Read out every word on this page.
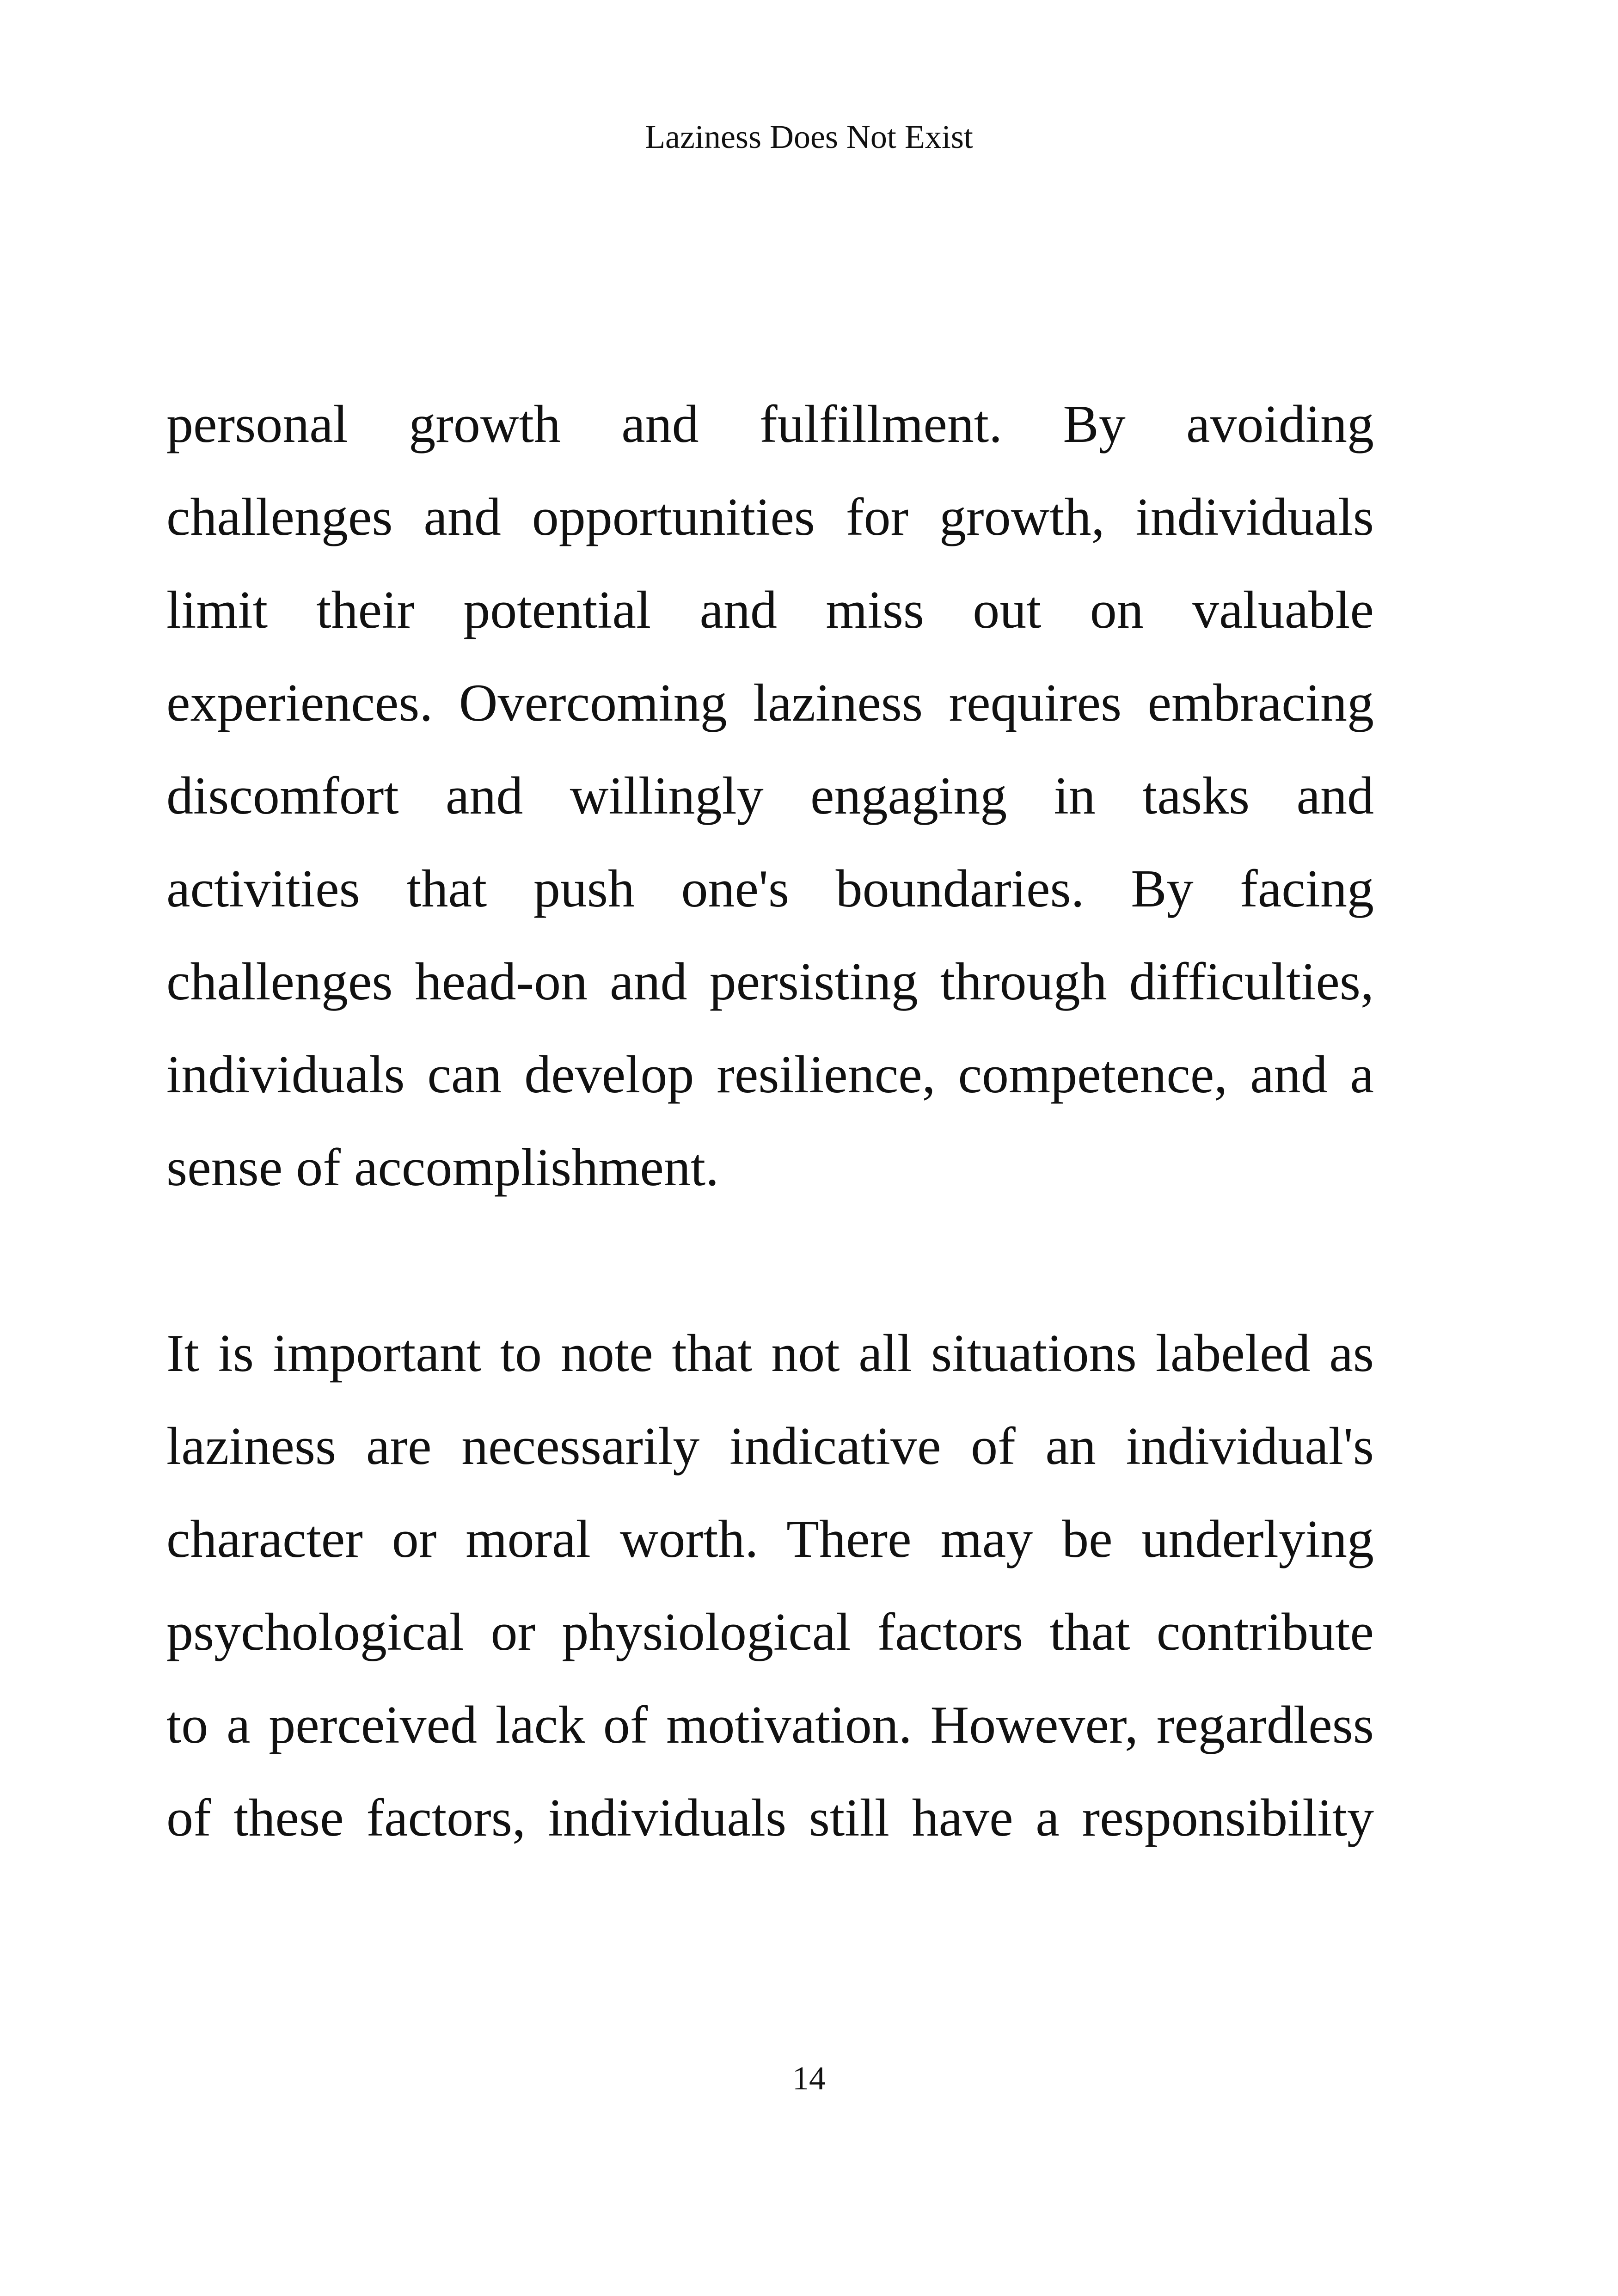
Laziness Does Not Exist
personal growth and fulfillment. By avoiding
challenges and opportunities for growth, individuals
limit their potential and miss out on valuable
experiences. Overcoming laziness requires embracing
discomfort and willingly engaging in tasks and
activities that push one's boundaries. By facing
challenges head-on and persisting through difficulties,
individuals can develop resilience, competence, and a
sense of accomplishment.
It is important to note that not all situations labeled as
laziness are necessarily indicative of an individual's
character or moral worth. There may be underlying
psychological or physiological factors that contribute
to a perceived lack of motivation. However, regardless
of these factors, individuals still have a responsibility
14
